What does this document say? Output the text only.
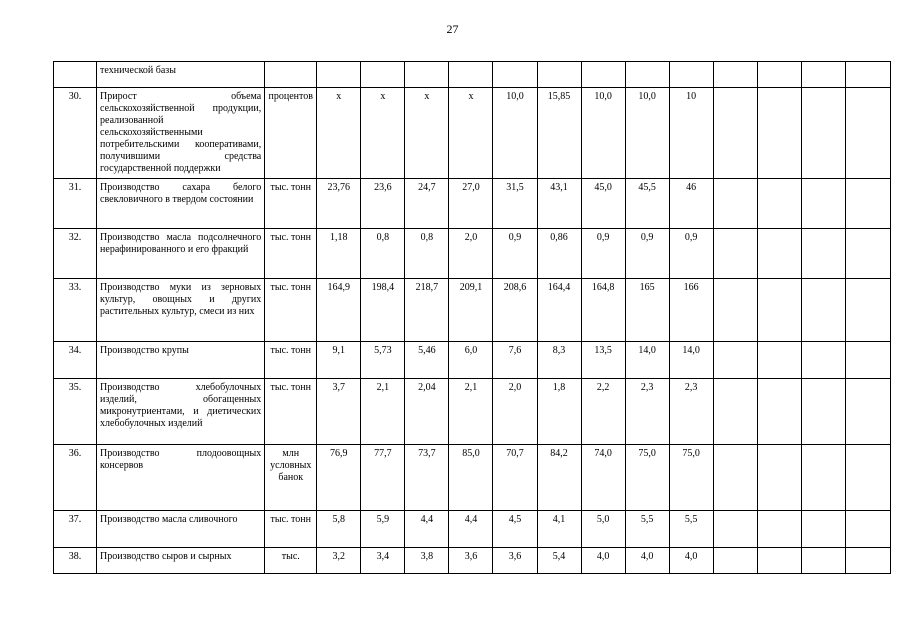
27
	технической базы														
30.	Прирост объема сельскохозяйственной продукции, реализованной сельскохозяйственными потребительскими кооперативами, получившими средства государственной поддержки	процентов	х	х	х	х	10,0	15,85	10,0	10,0	10				
31.	Производство сахара белого свекловичного в твердом состоянии	тыс. тонн	23,76	23,6	24,7	27,0	31,5	43,1	45,0	45,5	46				
32.	Производство масла подсолнечного нерафинированного и его фракций	тыс. тонн	1,18	0,8	0,8	2,0	0,9	0,86	0,9	0,9	0,9				
33.	Производство муки из зерновых культур, овощных и других растительных культур, смеси из них	тыс. тонн	164,9	198,4	218,7	209,1	208,6	164,4	164,8	165	166				
34.	Производство крупы	тыс. тонн	9,1	5,73	5,46	6,0	7,6	8,3	13,5	14,0	14,0				
35.	Производство хлебобулочных изделий, обогащенных микронутриентами, и диетических хлебобулочных изделий	тыс. тонн	3,7	2,1	2,04	2,1	2,0	1,8	2,2	2,3	2,3				
36.	Производство плодоовощных консервов	млн условных банок	76,9	77,7	73,7	85,0	70,7	84,2	74,0	75,0	75,0				
37.	Производство масла сливочного	тыс. тонн	5,8	5,9	4,4	4,4	4,5	4,1	5,0	5,5	5,5				
38.	Производство сыров и сырных	тыс.	3,2	3,4	3,8	3,6	3,6	5,4	4,0	4,0	4,0				
